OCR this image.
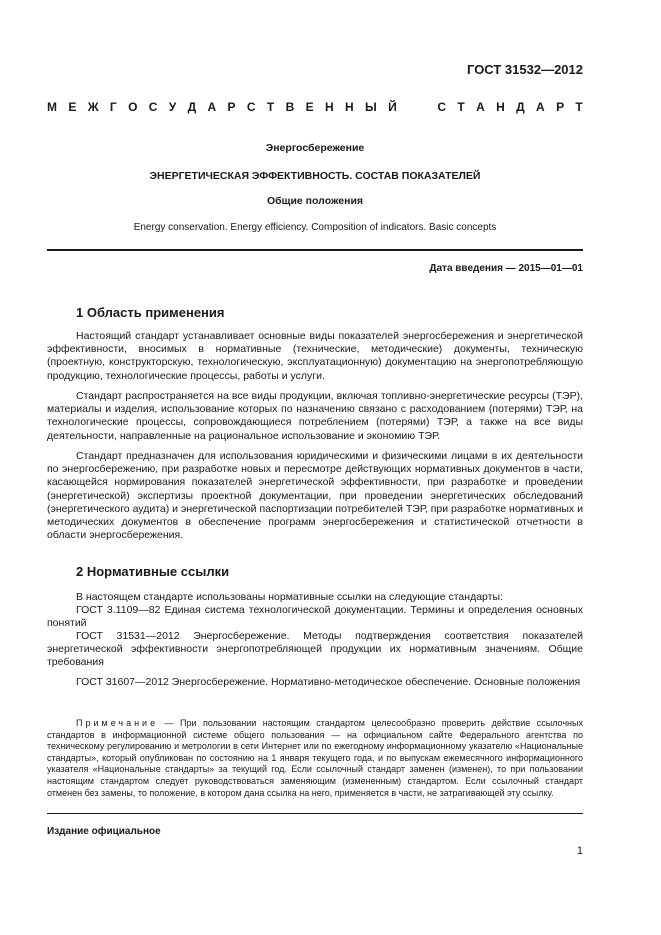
ГОСТ 31532—2012
М Е Ж Г О С У Д А Р С Т В Е Н Н Ы Й

	С Т А Н Д А Р Т
Энергосбережение
ЭНЕРГЕТИЧЕСКАЯ ЭФФЕКТИВНОСТЬ. СОСТАВ ПОКАЗАТЕЛЕЙ
Общие положения
Energy conservation. Energy efficiency. Composition of indicators. Basic concepts
Дата введения — 2015—01—01
1 Область применения

Настоящий стандарт устанавливает основные виды показателей энергосбережения и энергетической эффективности, вносимых в нормативные (технические, методические) документы, техническую (проектную, конструкторскую, технологическую, эксплуатационную) документацию на энергопотребляющую продукцию, технологические процессы, работы и услуги.

Стандарт распространяется на все виды продукции, включая топливно-энергетические ресурсы (ТЭР), материалы и изделия, использование которых по назначению связано с расходованием (потерями) ТЭР, на технологические процессы, сопровождающиеся потреблением (потерями) ТЭР, а также на все виды деятельности, направленные на рациональное использование и экономию ТЭР.

Стандарт предназначен для использования юридическими и физическими лицами в их деятельности по энергосбережению, при разработке новых и пересмотре действующих нормативных документов в части, касающейся нормирования показателей энергетической эффективности, при разработке и проведении (энергетической) экспертизы проектной документации, при проведении энергетических обследований (энергетического аудита) и энергетической паспортизации потребителей ТЭР, при разработке нормативных и методических документов в обеспечение программ энергосбережения и статистической отчетности в области энергосбережения.

2 Нормативные ссылки

В настоящем стандарте использованы нормативные ссылки на следующие стандарты:

ГОСТ 3.1109—82 Единая система технологической документации. Термины и определения основных понятий

ГОСТ 31531—2012 Энергосбережение. Методы подтверждения соответствия показателей энергетической эффективности энергопотребляющей продукции их нормативным значениям. Общие требования

ГОСТ 31607—2012 Энергосбережение. Нормативно-методическое обеспечение. Основные положения

Примечание — При пользовании настоящим стандартом целесообразно проверить действие ссылочных стандартов в информационной системе общего пользования — на официальном сайте Федерального агентства по техническому регулированию и метрологии в сети Интернет или по ежегодному информационному указателю «Национальные стандарты», который опубликован по состоянию на 1 января текущего года, и по выпускам ежемесячного информационного указателя «Национальные стандарты» за текущий год. Если ссылочный стандарт заменен (изменен), то при пользовании настоящим стандартом следует руководствоваться заменяющим (измененным) стандартом. Если ссылочный стандарт отменен без замены, то положение, в котором дана ссылка на него, применяется в части, не затрагивающей эту ссылку.

Издание официальное
1
